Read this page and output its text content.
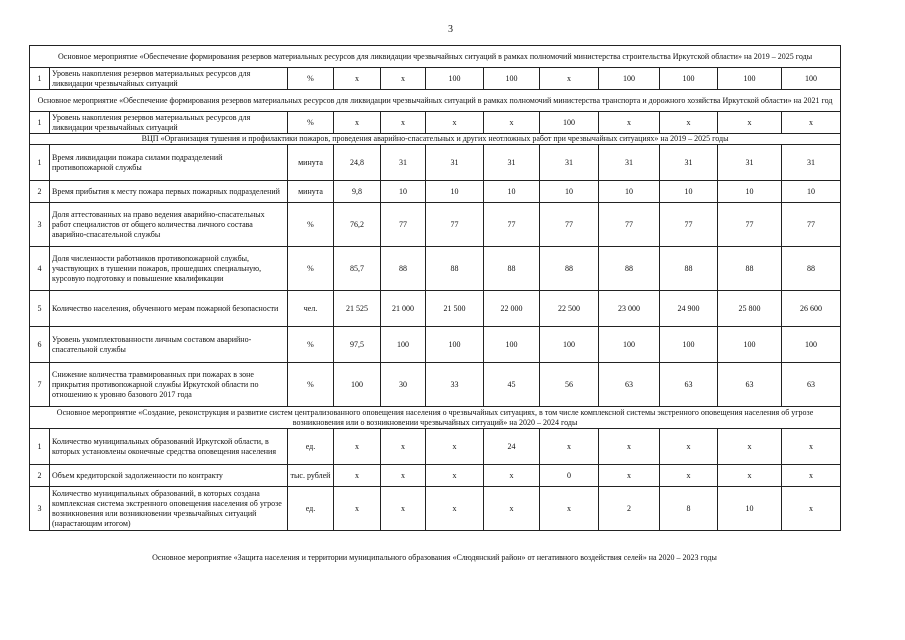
3
Основное мероприятие «Обеспечение формирования резервов материальных ресурсов для ликвидации чрезвычайных ситуаций в рамках полномочий министерства строительства Иркутской области» на 2019 – 2025 годы											
1	Уровень накопления резервов материальных ресурсов для ликвидации чрезвычайных ситуаций	%	x	x	100	100	x	100	100	100	100
Основное мероприятие «Обеспечение формирования резервов материальных ресурсов для ликвидации чрезвычайных ситуаций в рамках полномочий министерства транспорта и дорожного хозяйства Иркутской области» на 2021 год											
1	Уровень накопления резервов материальных ресурсов для ликвидации чрезвычайных ситуаций	%	x	x	x	x	100	x	x	x	x
ВЦП «Организация тушения и профилактики пожаров, проведения аварийно-спасательных и других неотложных работ при чрезвычайных ситуациях» на 2019 – 2025 годы											
1	Время ликвидации пожара силами подразделений противопожарной службы	минута	24,8	31	31	31	31	31	31	31	31
2	Время прибытия к месту пожара первых пожарных подразделений	минута	9,8	10	10	10	10	10	10	10	10
3	Доля аттестованных на право ведения аварийно-спасательных работ специалистов от общего количества личного состава аварийно-спасательной службы	%	76,2	77	77	77	77	77	77	77	77
4	Доля численности работников противопожарной службы, участвующих в тушении пожаров, прошедших специальную, курсовую подготовку и повышение квалификации	%	85,7	88	88	88	88	88	88	88	88
5	Количество населения, обученного мерам пожарной безопасности	чел.	21 525	21 000	21 500	22 000	22 500	23 000	24 900	25 800	26 600
6	Уровень укомплектованности личным составом аварийно-спасательной службы	%	97,5	100	100	100	100	100	100	100	100
7	Снижение количества травмированных при пожарах в зоне прикрытия противопожарной службы Иркутской области по отношению к уровню базового 2017 года	%	100	30	33	45	56	63	63	63	63
Основное мероприятие «Создание, реконструкция и развитие систем централизованного оповещения населения о чрезвычайных ситуациях, в том числе комплексной системы экстренного оповещения населения об угрозе возникновения или о возникновении чрезвычайных ситуаций» на 2020 – 2024 годы											
1	Количество муниципальных образований Иркутской области, в которых установлены оконечные средства оповещения населения	ед.	x	x	x	24	x	x	x	x	x
2	Объем кредиторской задолженности по контракту	тыс. рублей	x	x	x	x	0	x	x	x	x
3	Количество муниципальных образований, в которых создана комплексная система экстренного оповещения населения об угрозе возникновения или возникновении чрезвычайных ситуаций (нарастающим итогом)	ед.	x	x	x	x	x	2	8	10	x
Основное мероприятие «Защита населения и территории муниципального образования «Слюдянский район» от негативного воздействия селей» на 2020 – 2023 годы
